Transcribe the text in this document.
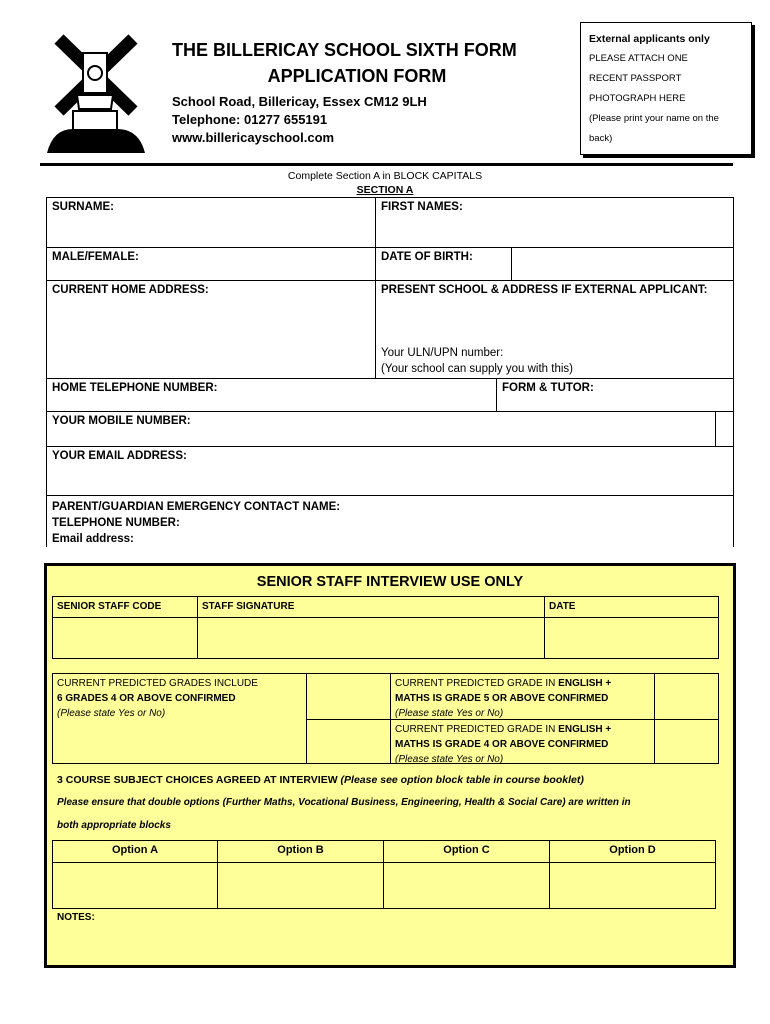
THE BILLERICAY SCHOOL SIXTH FORM
APPLICATION FORM
School Road, Billericay, Essex CM12 9LH
Telephone: 01277 655191
www.billericayschool.com
External applicants only
PLEASE ATTACH ONE
RECENT PASSPORT
PHOTOGRAPH HERE
(Please print your name on the
back)
Complete Section A in BLOCK CAPITALS
SECTION A
SURNAME:	FIRST NAMES:
MALE/FEMALE:	DATE OF BIRTH:
CURRENT HOME ADDRESS:	PRESENT SCHOOL & ADDRESS IF EXTERNAL APPLICANT:
Your ULN/UPN number:
(Your school can supply you with this)
HOME TELEPHONE NUMBER:	FORM & TUTOR:
YOUR MOBILE NUMBER:
YOUR EMAIL ADDRESS:
PARENT/GUARDIAN EMERGENCY CONTACT NAME:
TELEPHONE NUMBER:
Email address:
SENIOR STAFF INTERVIEW USE ONLY
SENIOR STAFF CODE	STAFF SIGNATURE	DATE
CURRENT PREDICTED GRADES INCLUDE
6 GRADES 4 OR ABOVE CONFIRMED
(Please state Yes or No)
CURRENT PREDICTED GRADE IN ENGLISH +
MATHS IS GRADE 5 OR ABOVE CONFIRMED
(Please state Yes or No)
CURRENT PREDICTED GRADE IN ENGLISH +
MATHS IS GRADE 4 OR ABOVE CONFIRMED
(Please state Yes or No)
3 COURSE SUBJECT CHOICES AGREED AT INTERVIEW (Please see option block table in course booklet)
Please ensure that double options (Further Maths, Vocational Business, Engineering, Health & Social Care) are written in
both appropriate blocks
Option A	Option B	Option C	Option D
NOTES:
